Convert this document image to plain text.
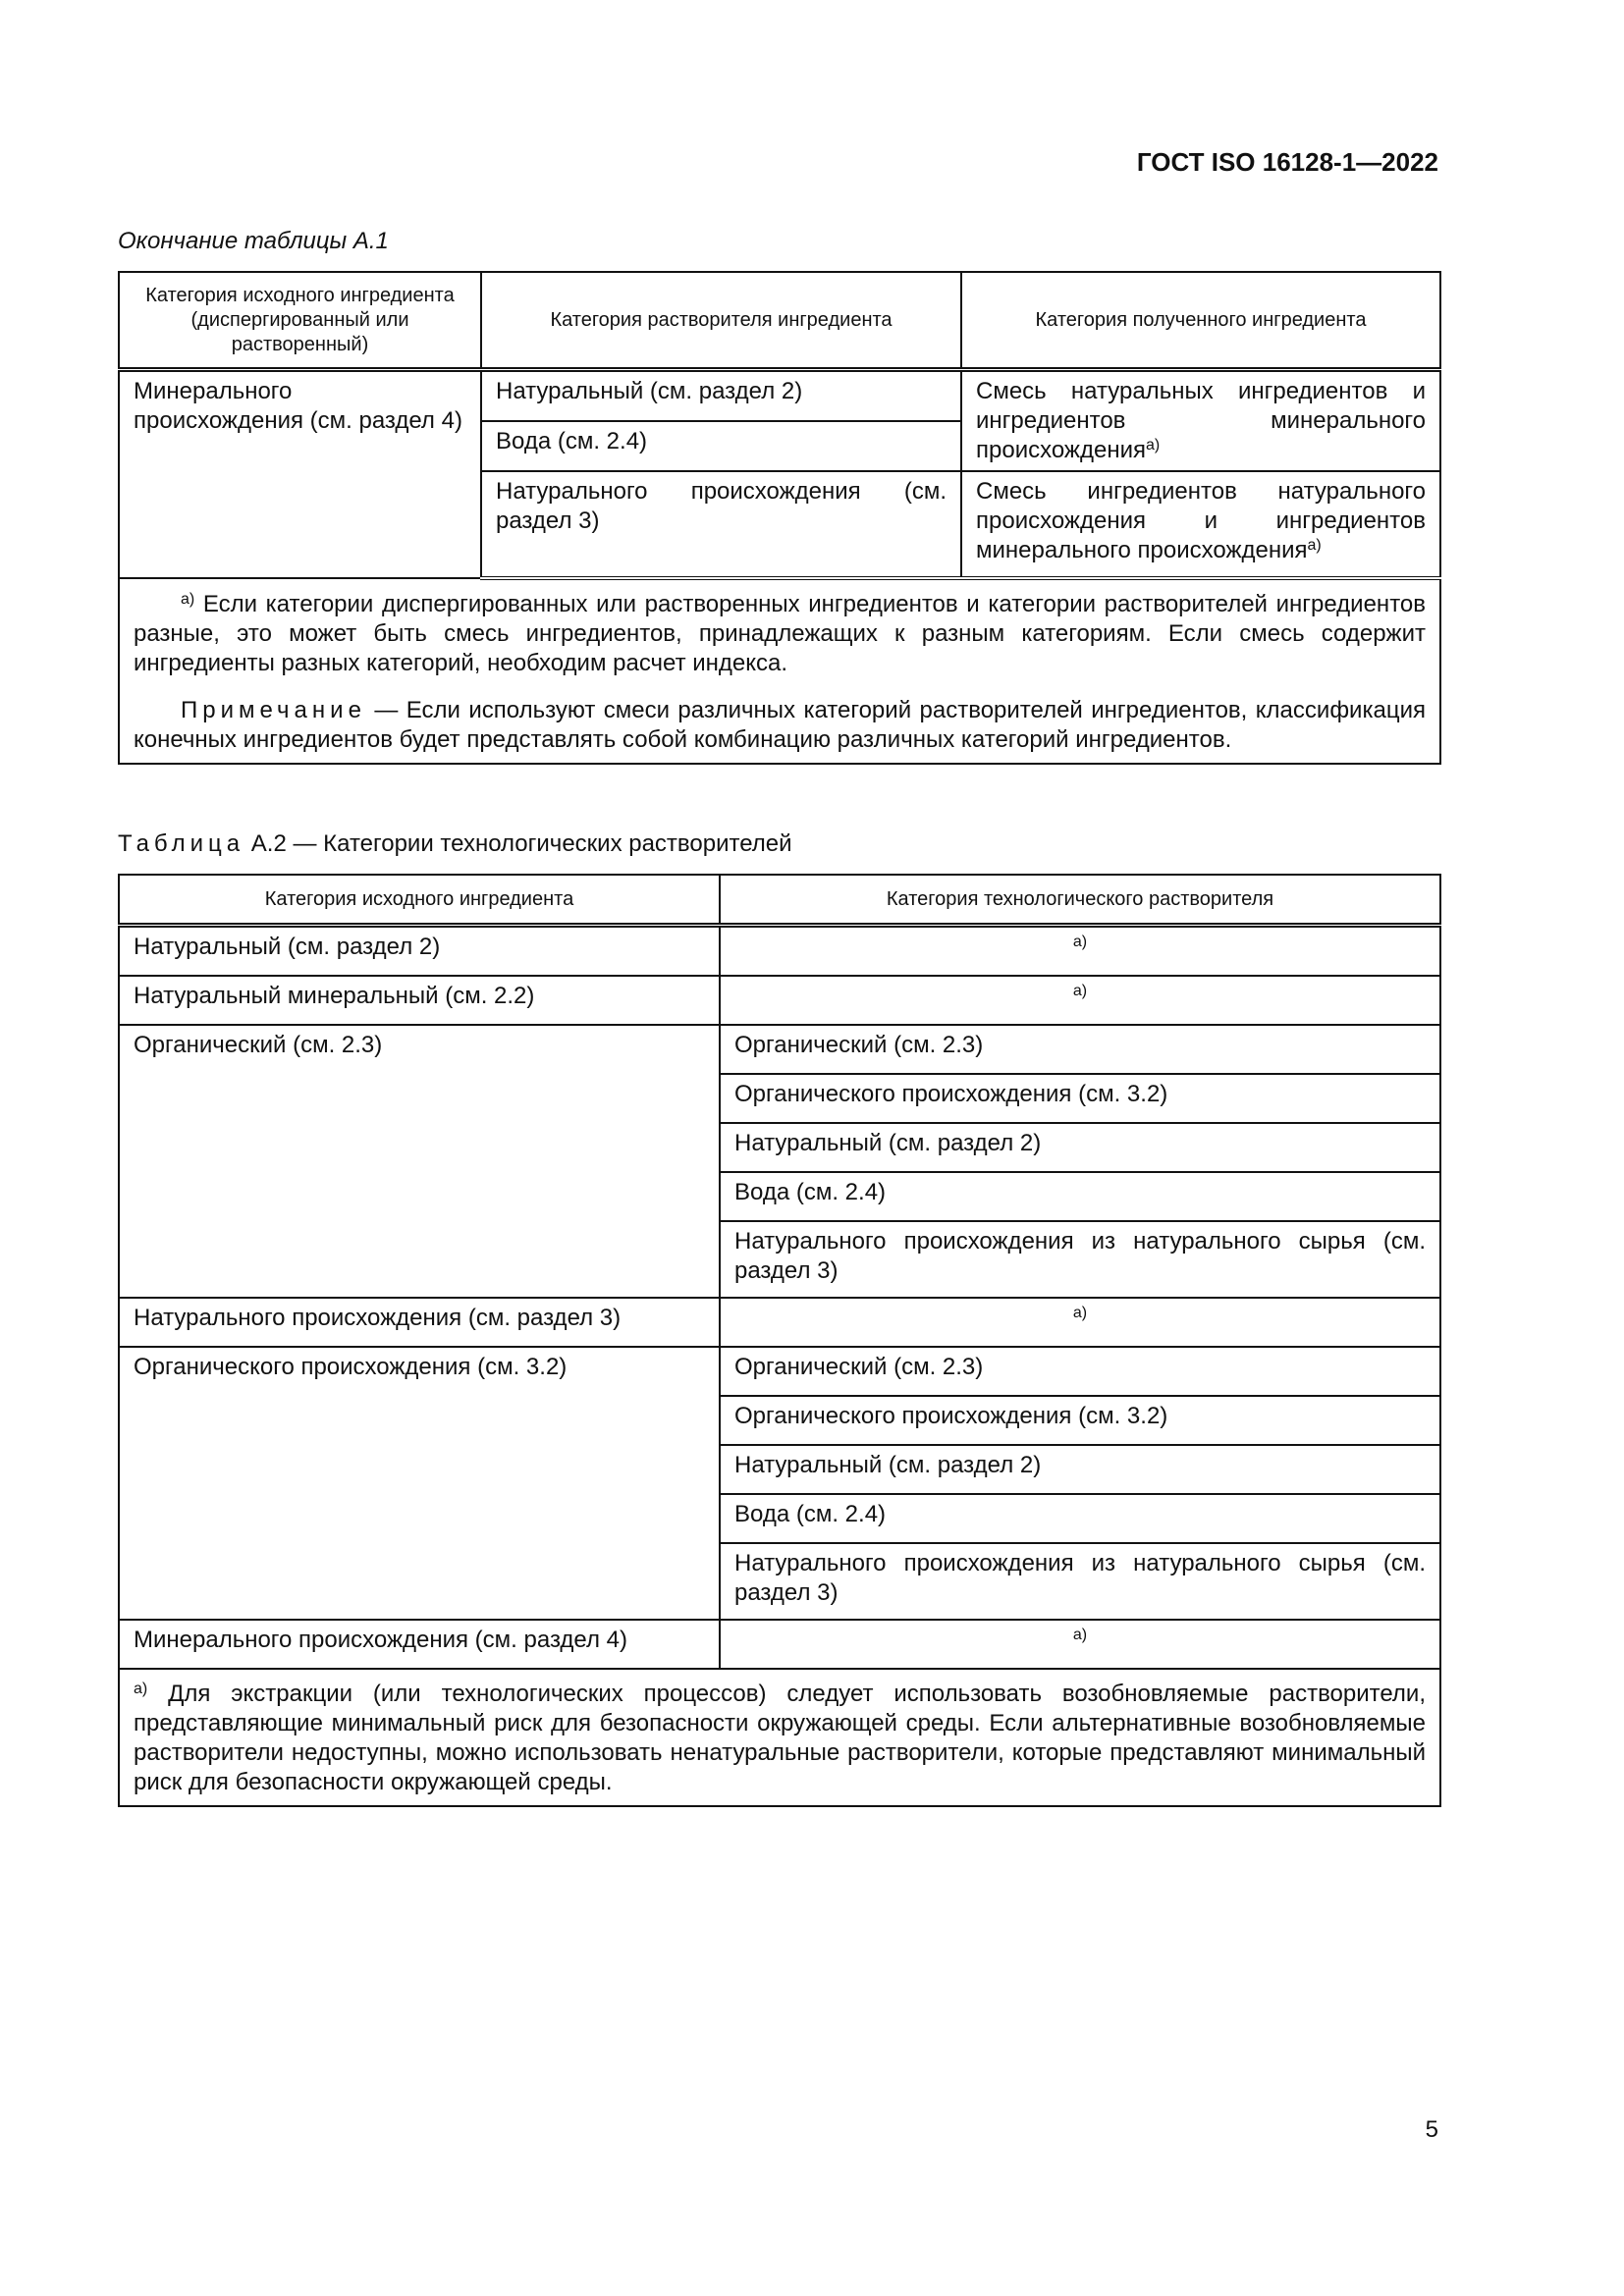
ГОСТ ISO 16128-1—2022
Окончание таблицы А.1
Категория исходного ингредиента (диспергированный или растворенный)	Категория растворителя ингредиента	Категория полученного ингредиента
Минерального происхождения (см. раздел 4)	Натуральный (см. раздел 2)	Смесь натуральных ингредиентов и ингредиентов минерального происхождения$^{a)}$
	Вода (см. 2.4)	
	Натурального происхождения (см. раздел 3)	Смесь ингредиентов натурального происхождения и ингредиентов минерального происхождения$^{a)}$

$^{a)}$ Если категории диспергированных или растворенных ингредиентов и категории растворителей ингредиентов разные, это может быть смесь ингредиентов, принадлежащих к разным категориям. Если смесь содержит ингредиенты разных категорий, необходим расчет индекса.

Примечание — Если используют смеси различных категорий растворителей ингредиентов, классификация конечных ингредиентов будет представлять собой комбинацию различных категорий ингредиентов.		

Таблица А.2 — Категории технологических растворителей
Категория исходного ингредиента	Категория технологического растворителя
Натуральный (см. раздел 2)	$^{a)}$
Натуральный минеральный (см. 2.2)	$^{a)}$
Органический (см. 2.3)	Органический (см. 2.3)
	Органического происхождения (см. 3.2)
	Натуральный (см. раздел 2)
	Вода (см. 2.4)
	Натурального происхождения из натурального сырья (см. раздел 3)
Натурального происхождения (см. раздел 3)	$^{a)}$
Органического происхождения (см. 3.2)	Органический (см. 2.3)
	Органического происхождения (см. 3.2)
	Натуральный (см. раздел 2)
	Вода (см. 2.4)
	Натурального происхождения из натурального сырья (см. раздел 3)
Минерального происхождения (см. раздел 4)	$^{a)}$

$^{a)}$ Для экстракции (или технологических процессов) следует использовать возобновляемые растворители, представляющие минимальный риск для безопасности окружающей среды. Если альтернативные возобновляемые растворители недоступны, можно использовать ненатуральные растворители, которые представляют минимальный риск для безопасности окружающей среды.	

5
